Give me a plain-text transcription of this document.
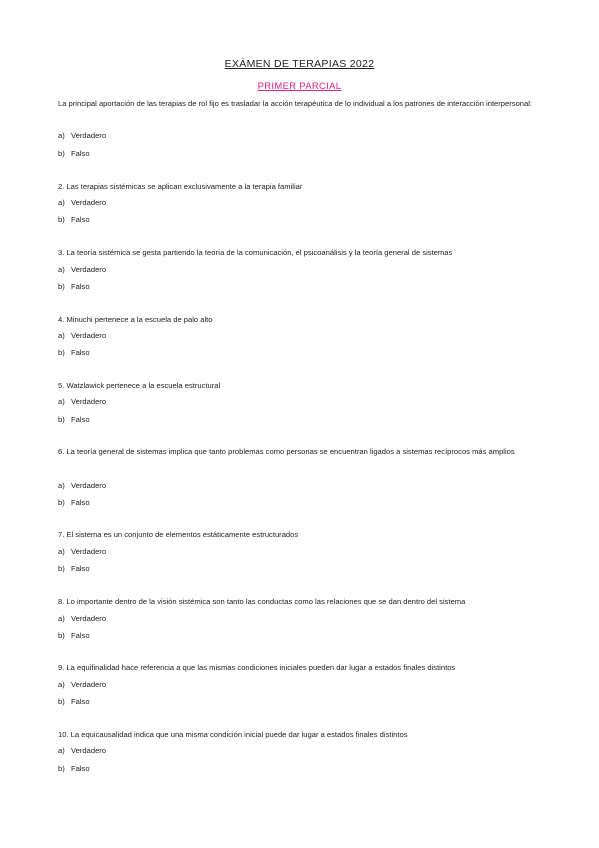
EXÁMEN DE TERAPIAS 2022
PRIMER PARCIAL
La principal aportación de las terapias de rol fijo es trasladar la acción terapéutica de lo individual a los patrones de interacción interpersonal:
a) Verdadero
b) Falso
2. Las terapias sistémicas se aplican exclusivamente a la terapia familiar
a) Verdadero
b) Falso
3. La teoría sistémica se gesta partiendo la teoría de la comunicación, el psicoanálisis y la teoría general de sistemas
a) Verdadero
b) Falso
4. Minuchi pertenece a la escuela de palo alto
a) Verdadero
b) Falso
5. Watzlawick pertenece a la escuela estructural
a) Verdadero
b) Falso
6. La teoría general de sistemas implica que tanto problemas como personas se encuentran ligados a sistemas recíprocos más amplios
a) Verdadero
b) Falso
7. El sistema es un conjunto de elementos estáticamente estructurados
a) Verdadero
b) Falso
8. Lo importante dentro de la visión sistémica son tanto las conductas como las relaciones que se dan dentro del sistema
a) Verdadero
b) Falso
9. La equifinalidad hace referencia a que las mismas condiciones iniciales pueden dar lugar a estados finales distintos
a) Verdadero
b) Falso
10. La equicausalidad indica que una misma condición inicial puede dar lugar a estados finales distintos
a) Verdadero
b) Falso
